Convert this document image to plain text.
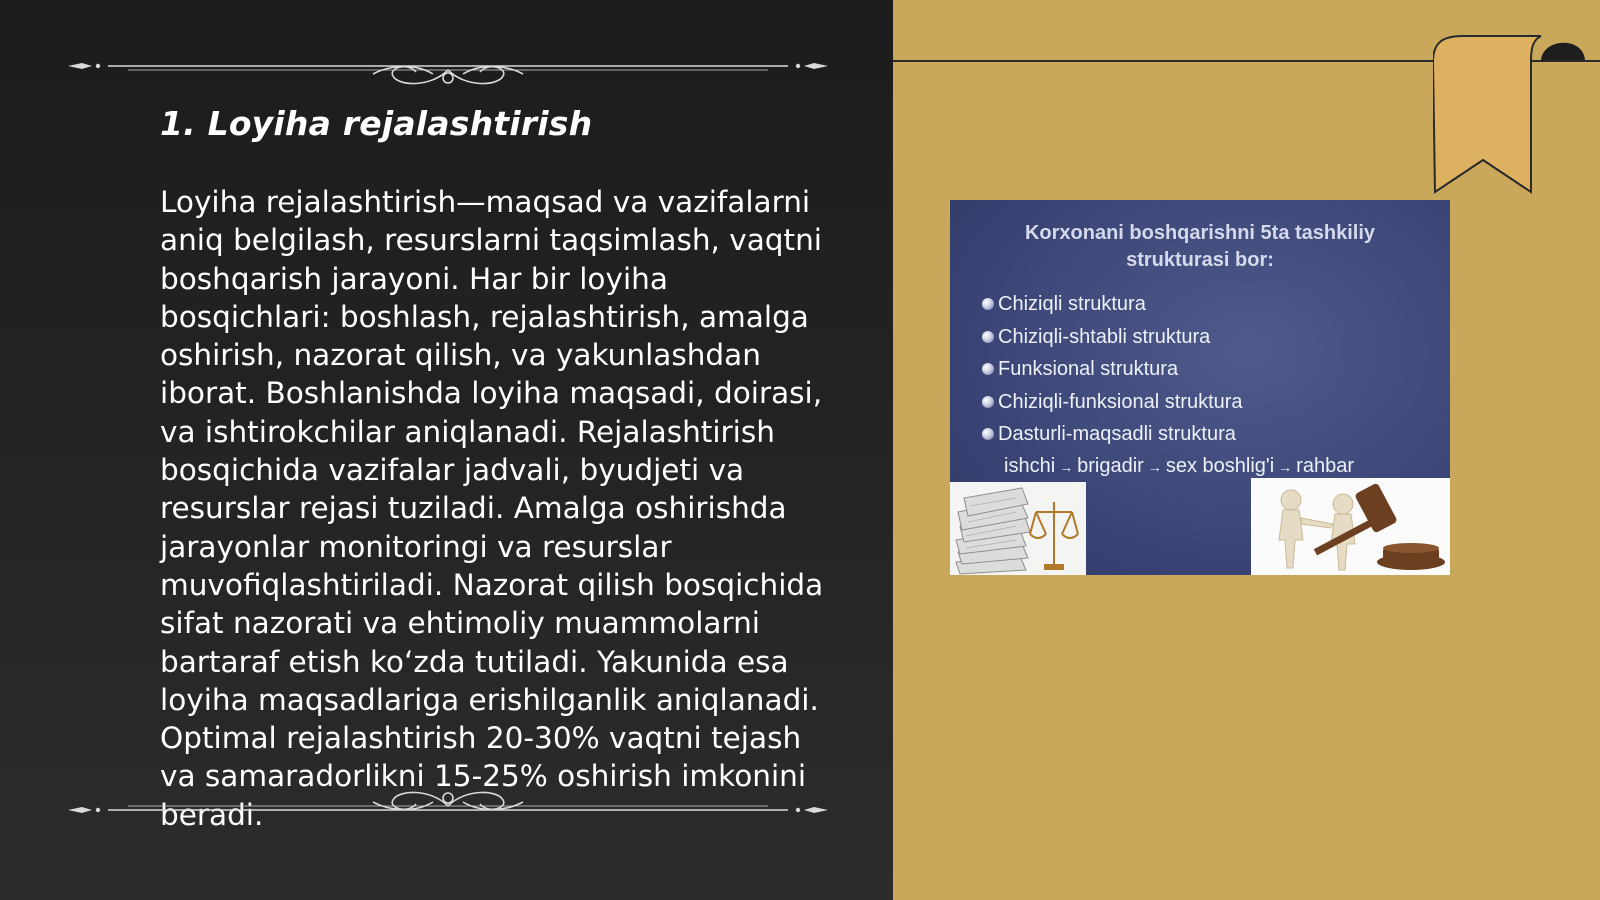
1. Loyiha rejalashtirish

Loyiha rejalashtirish—maqsad va vazifalarni aniq belgilash, resurslarni taqsimlash, vaqtni boshqarish jarayoni. Har bir loyiha bosqichlari: boshlash, rejalashtirish, amalga oshirish, nazorat qilish, va yakunlashdan iborat. Boshlanishda loyiha maqsadi, doirasi, va ishtirokchilar aniqlanadi. Rejalashtirish bosqichida vazifalar jadvali, byudjeti va resurslar rejasi tuziladi. Amalga oshirishda jarayonlar monitoringi va resurslar muvofiqlashtiriladi. Nazorat qilish bosqichida sifat nazorati va ehtimoliy muammolarni bartaraf etish ko‘zda tutiladi. Yakunida esa loyiha maqsadlariga erishilganlik aniqlanadi. Optimal rejalashtirish 20-30% vaqtni tejash va samaradorlikni 15-25% oshirish imkonini beradi.

Korxonani boshqarishni 5ta tashkiliy strukturasi bor:
Chiziqli struktura
Chiziqli-shtabli struktura
Funksional struktura
Chiziqli-funksional struktura
Dasturli-maqsadli struktura
ishchi → brigadir → sex boshlig'i → rahbar
